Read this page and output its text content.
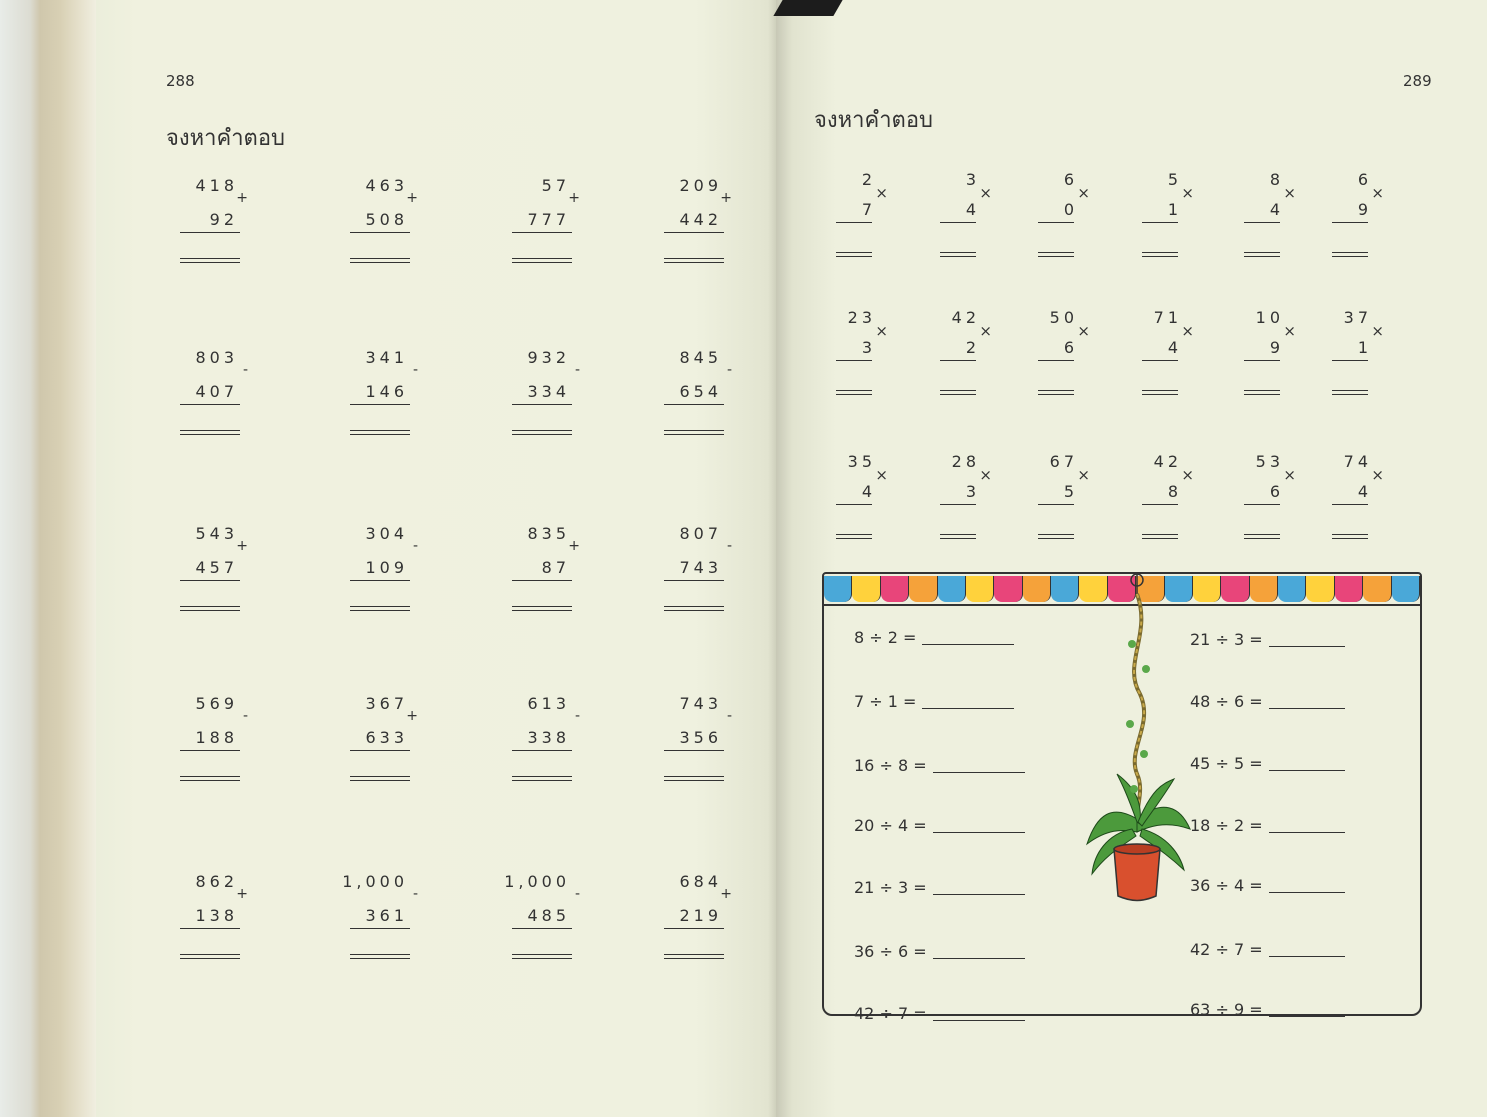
288	289
จงหาคำตอบ
จงหาคำตอบ
418
+
92
463
+
508
57
+
777
209
+
442
803
-
407
341
-
146
932
-
334
845
-
654
543
+
457
304
-
109
835
+
87
807
-
743
569
-
188
367
+
633
613
-
338
743
-
356
862
+
138
1,000
-
361
1,000
-
485
684
+
219
2
×
7
3
×
4
6
×
0
5
×
1
8
×
4
6
×
9
23
×
3
42
×
2
50
×
6
71
×
4
10
×
9
37
×
1
35
×
4
28
×
3
67
×
5
42
×
8
53
×
6
74
×
4
8 ÷ 2 =
7 ÷ 1 =
16 ÷ 8 =
20 ÷ 4 =
21 ÷ 3 =
36 ÷ 6 =
42 ÷ 7 =
21 ÷ 3 =
48 ÷ 6 =
45 ÷ 5 =
18 ÷ 2 =
36 ÷ 4 =
42 ÷ 7 =
63 ÷ 9 =
